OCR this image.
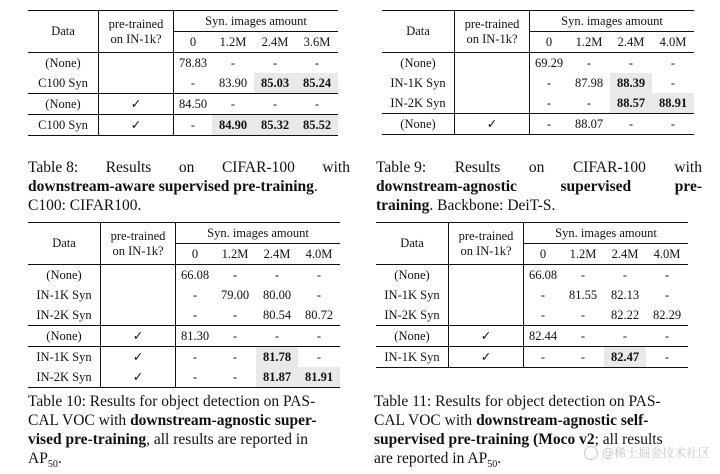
Data	pre-trained
on IN-1k?	Syn. images amount			
		0	1.2M	2.4M	3.6M
(None)		78.83	-	-	-
C100 Syn		-	83.90	85.03	85.24
(None)	✓	84.50	-	-	-
C100 Syn	✓	-	84.90	85.32	85.52
Table 8: Results on CIFAR-100 with
downstream-aware supervised pre-training.
C100: CIFAR100.
Data	pre-trained
on IN-1k?	Syn. images amount			
		0	1.2M	2.4M	4.0M
(None)		69.29	-	-	-
IN-1K Syn		-	87.98	88.39	-
IN-2K Syn		-	-	88.57	88.91
(None)	✓	-	88.07	-	-
Table 9: Results on CIFAR-100 with
downstream-agnostic	supervised	pre-
training. Backbone: DeiT-S.
Data	pre-trained
on IN-1k?	Syn. images amount			
		0	1.2M	2.4M	4.0M
(None)		66.08	-	-	-
IN-1K Syn		-	79.00	80.00	-
IN-2K Syn		-	-	80.54	80.72
(None)	✓	81.30	-	-	-
IN-1K Syn	✓	-	-	81.78	-
IN-2K Syn	✓	-	-	81.87	81.91
Table 10: Results for object detection on PAS-
CAL VOC with downstream-agnostic super-
vised pre-training, all results are reported in
$AP_{50}$.
Data	pre-trained
on IN-1k?	Syn. images amount			
		0	1.2M	2.4M	4.0M
(None)		66.08	-	-	-
IN-1K Syn		-	81.55	82.13	-
IN-2K Syn		-	-	82.22	82.29
(None)	✓	82.44	-	-	-
IN-1K Syn	✓	-	-	82.47	-
Table 11: Results for object detection on PAS-
CAL VOC with downstream-agnostic self-
supervised pre-training (Moco v2; all results
are reported in $AP_{50}$.	@稀土掘金技术社区
